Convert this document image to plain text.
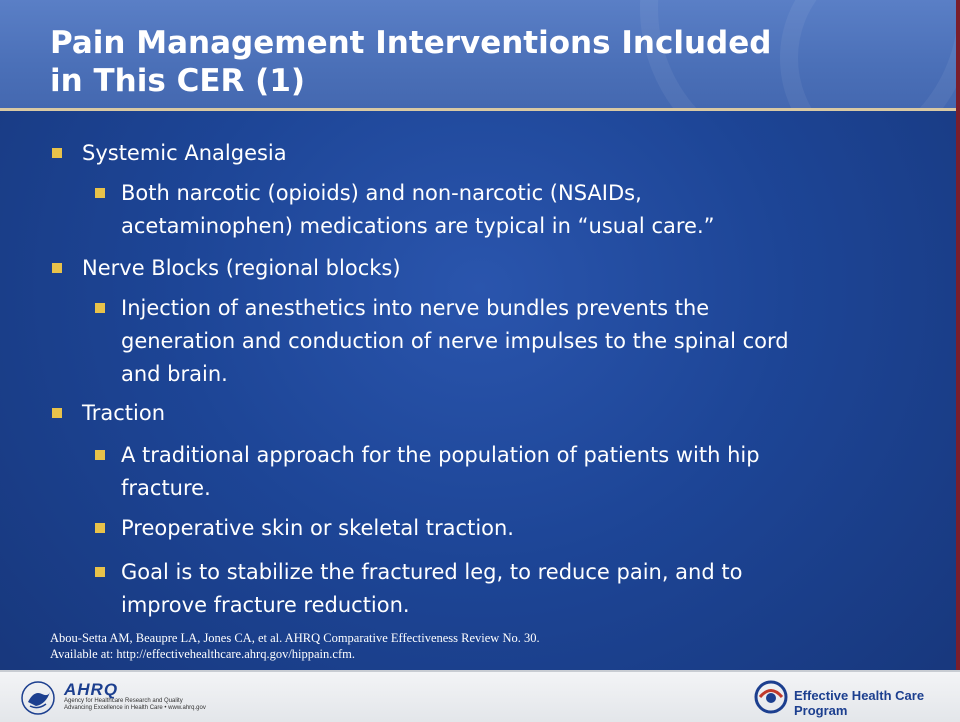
Pain Management Interventions Included
in This CER (1)
Systemic Analgesia
Both narcotic (opioids) and non-narcotic (NSAIDs,
acetaminophen) medications are typical in “usual care.”
Nerve Blocks (regional blocks)
Injection of anesthetics into nerve bundles prevents the
generation and conduction of nerve impulses to the spinal cord
and brain.
Traction
A traditional approach for the population of patients with hip
fracture.
Preoperative skin or skeletal traction.
Goal is to stabilize the fractured leg, to reduce pain, and to
improve fracture reduction.
Abou-Setta AM, Beaupre LA, Jones CA, et al. AHRQ Comparative Effectiveness Review No. 30.
Available at: http://effectivehealthcare.ahrq.gov/hippain.cfm.
AHRQ
Agency for Healthcare Research and Quality
Advancing Excellence in Health Care • www.ahrq.gov
Effective Health Care Program
